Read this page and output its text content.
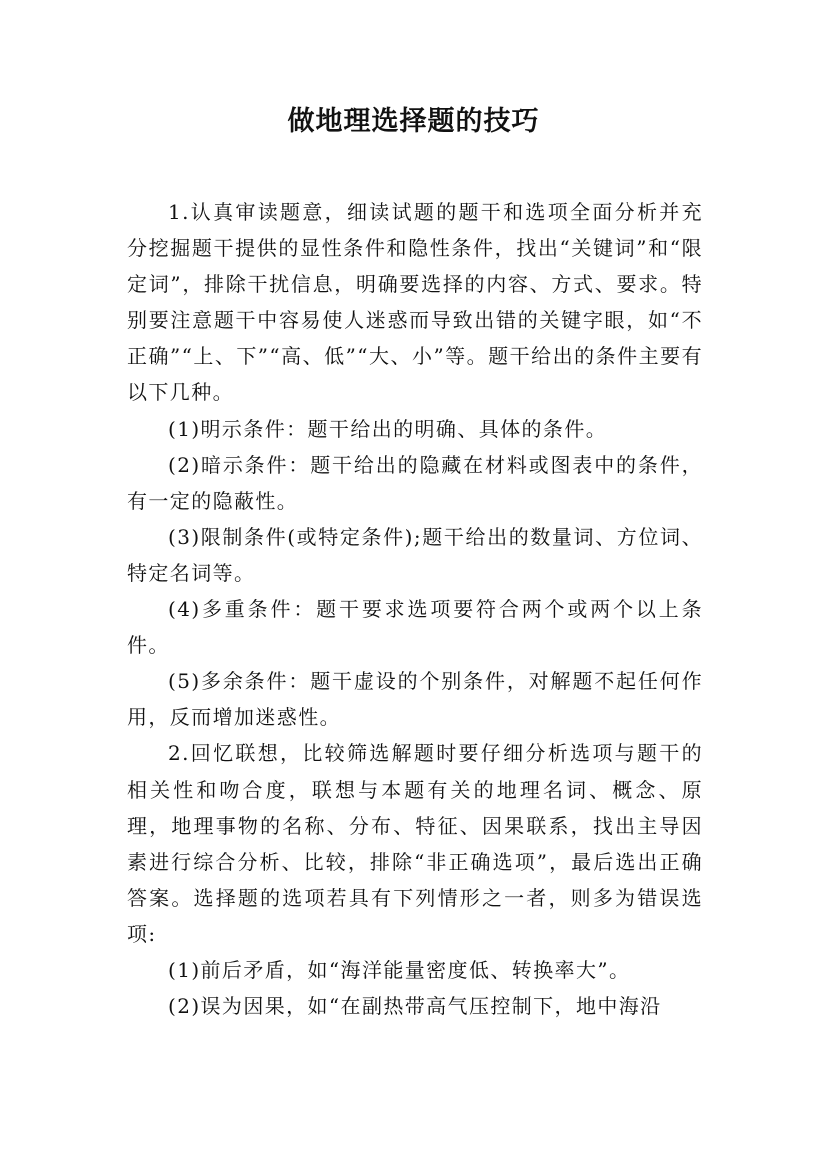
做地理选择题的技巧

1.认真审读题意，细读试题的题干和选项全面分析并充分挖掘题干提供的显性条件和隐性条件，找出“关键词”和“限定词”，排除干扰信息，明确要选择的内容、方式、要求。特别要注意题干中容易使人迷惑而导致出错的关键字眼，如“不正确”“上、下”“高、低”“大、小”等。题干给出的条件主要有以下几种。

(1)明示条件：题干给出的明确、具体的条件。

(2)暗示条件：题干给出的隐藏在材料或图表中的条件，有一定的隐蔽性。

(3)限制条件(或特定条件);题干给出的数量词、方位词、特定名词等。

(4)多重条件：题干要求选项要符合两个或两个以上条件。

(5)多余条件：题干虚设的个别条件，对解题不起任何作用，反而增加迷惑性。

2.回忆联想，比较筛选解题时要仔细分析选项与题干的相关性和吻合度，联想与本题有关的地理名词、概念、原理，地理事物的名称、分布、特征、因果联系，找出主导因素进行综合分析、比较，排除“非正确选项”，最后选出正确答案。选择题的选项若具有下列情形之一者，则多为错误选项:

(1)前后矛盾，如“海洋能量密度低、转换率大”。

(2)误为因果，如“在副热带高气压控制下，地中海沿
